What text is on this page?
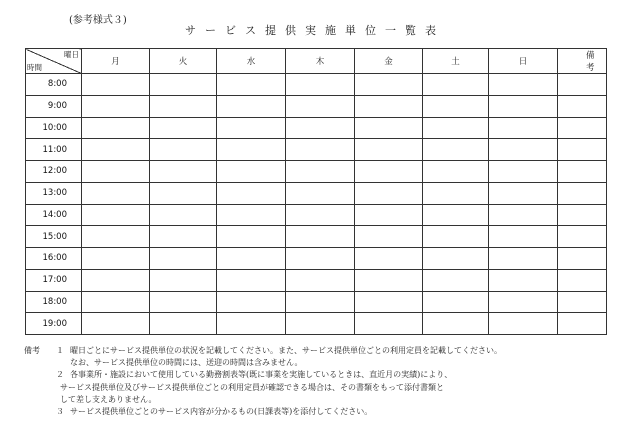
(参考様式３)
サービス提供実施単位一覧表
曜日
時間	月	火	水	木	金	土	日	備考
8:00								
9:00								
10:00								
11:00								
12:00								
13:00								
14:00								
15:00								
16:00								
17:00								
18:00								
19:00								
備考 １ 曜日ごとにサービス提供単位の状況を記載してください。また、サービス提供単位ごとの利用定員を記載してください。
なお、サービス提供単位の時間には、送迎の時間は含みません。
２ 各事業所・施設において使用している勤務割表等(既に事業を実施しているときは、直近月の実績)により、
サービス提供単位及びサービス提供単位ごとの利用定員が確認できる場合は、その書類をもって添付書類と
して差し支えありません。
３ サービス提供単位ごとのサービス内容が分かるもの(日課表等)を添付してください。
